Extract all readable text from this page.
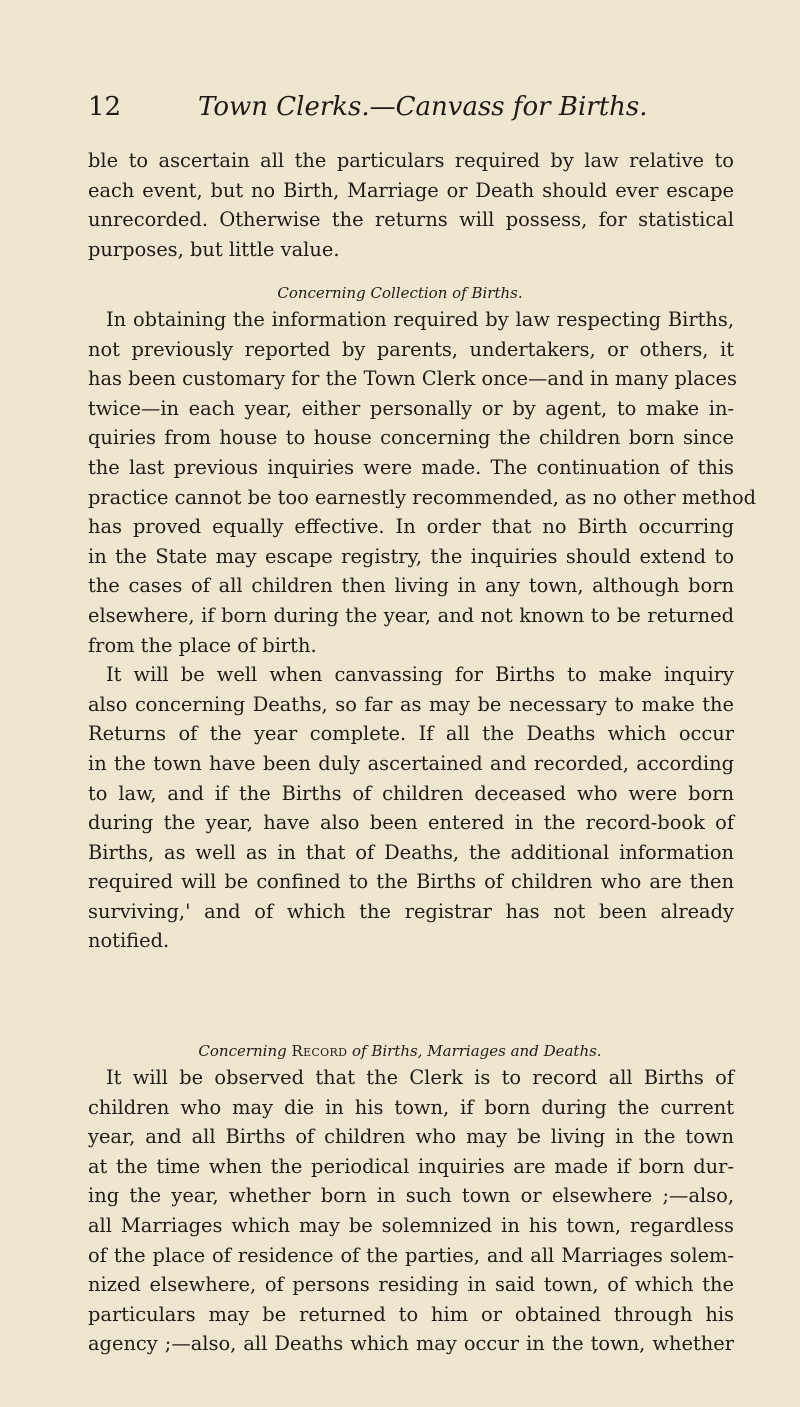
12	Town Clerks.—Canvass for Births.
ble to ascertain all the particulars required by law relative to
each event, but no Birth, Marriage or Death should ever escape
unrecorded. Otherwise the returns will possess, for statistical
purposes, but little value.
Concerning Collection of Births.
In obtaining the information required by law respecting Births,
not previously reported by parents, undertakers, or others, it
has been customary for the Town Clerk once—and in many places
twice—in each year, either personally or by agent, to make in-
quiries from house to house concerning the children born since
the last previous inquiries were made. The continuation of this
practice cannot be too earnestly recommended, as no other method
has proved equally effective. In order that no Birth occurring
in the State may escape registry, the inquiries should extend to
the cases of all children then living in any town, although born
elsewhere, if born during the year, and not known to be returned
from the place of birth.
It will be well when canvassing for Births to make inquiry
also concerning Deaths, so far as may be necessary to make the
Returns of the year complete. If all the Deaths which occur
in the town have been duly ascertained and recorded, according
to law, and if the Births of children deceased who were born
during the year, have also been entered in the record-book of
Births, as well as in that of Deaths, the additional information
required will be confined to the Births of children who are then
surviving,' and of which the registrar has not been already
notified.
Concerning Record of Births, Marriages and Deaths.
It will be observed that the Clerk is to record all Births of
children who may die in his town, if born during the current
year, and all Births of children who may be living in the town
at the time when the periodical inquiries are made if born dur-
ing the year, whether born in such town or elsewhere ;—also,
all Marriages which may be solemnized in his town, regardless
of the place of residence of the parties, and all Marriages solem-
nized elsewhere, of persons residing in said town, of which the
particulars may be returned to him or obtained through his
agency ;—also, all Deaths which may occur in the town, whether
